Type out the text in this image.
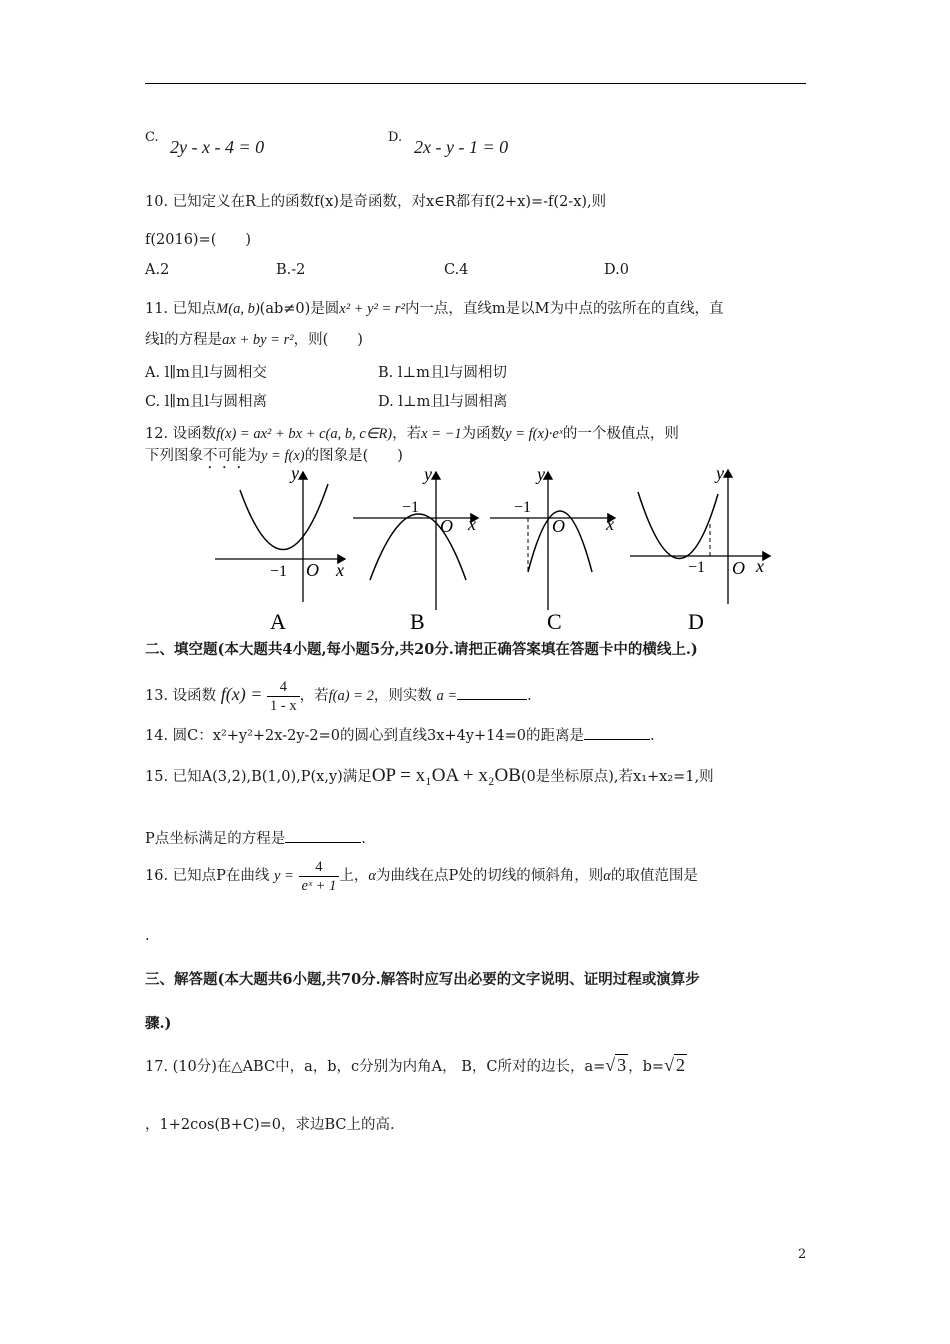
C. 2y - x - 4 = 0	D. 2x - y - 1 = 0
10. 已知定义在R上的函数f(x)是奇函数，对x∈R都有f(2+x)=-f(2-x),则
f(2016)=(　　)
A.2	B.-2	C.4	D.0
11. 已知点M(a, b)(ab≠0)是圆x² + y² = r²内一点，直线m是以M为中点的弦所在的直线，直
线l的方程是ax + by = r²，则(　　)
A. l∥m且l与圆相交	B. l⊥m且l与圆相切
C. l∥m且l与圆相离	D. l⊥m且l与圆相离
12. 设函数f(x) = ax² + bx + c(a, b, c∈R)，若x = −1为函数y = f(x)·eˣ的一个极值点，则
下列图象不可能为y = f(x)的图象是(　　)
y
x
O
−1
A
y
x
O
−1
B
y
x
O
−1
C
y
x
O
−1
D
二、填空题(本大题共4小题,每小题5分,共20分.请把正确答案填在答题卡中的横线上.)
13. 设函数 $f(x) = \frac{4}{1 - x}$ ，若f(a) = 2，则实数 a =	.
14. 圆C：x²+y²+2x-2y-2=0的圆心到直线3x+4y+14=0的距离是	.
15. 已知A(3,2),B(1,0),P(x,y)满足OP = x₁OA + x₂OB(0是坐标原点),若x₁+x₂=1,则
P点坐标满足的方程是	.
16. 已知点P在曲线 $y = \frac{4}{\text{eˣ + 1}}$ 上，α为曲线在点P处的切线的倾斜角，则α的取值范围是
.
三、解答题(本大题共6小题,共70分.解答时应写出必要的文字说明、证明过程或演算步
骤.)
17. (10分)在△ABC中，a，b，c分别为内角A， B，C所对的边长，a=√ 3 ，b=√ 2
，1+2cos(B+C)=0，求边BC上的高.
2
